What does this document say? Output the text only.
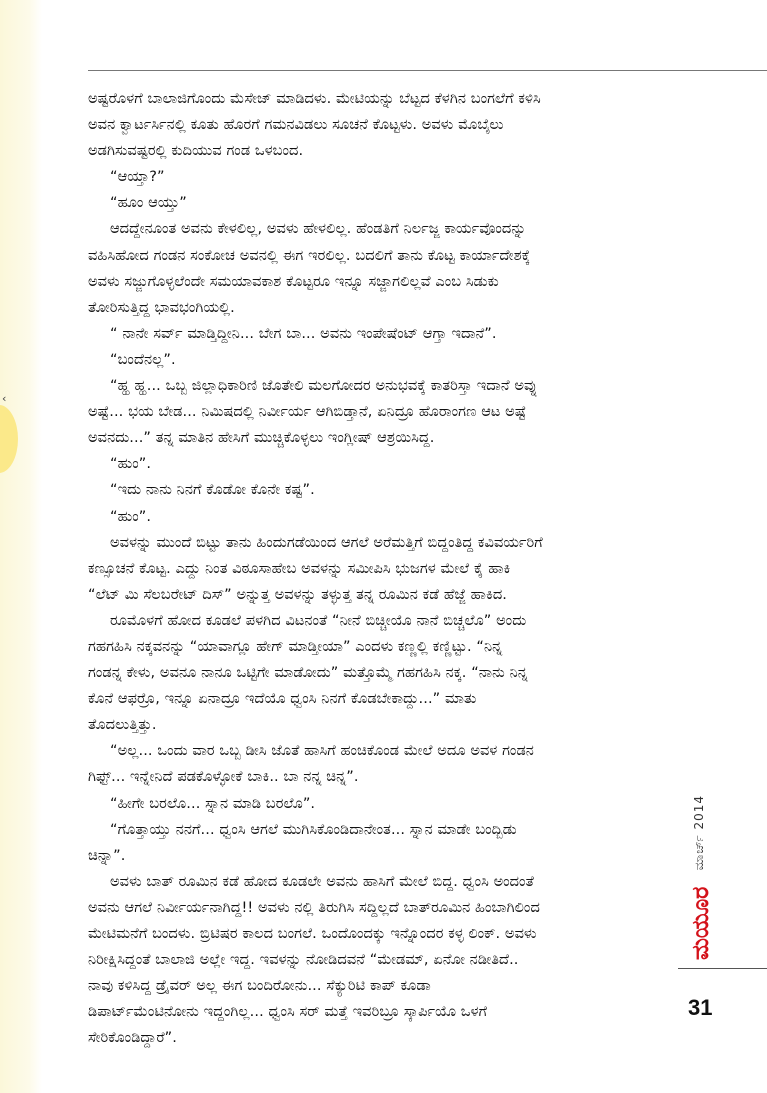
‹
ಅಷ್ಟರೊಳಗೆ ಬಾಲಾಜಿಗೊಂದು ಮೆಸೇಜ್ ಮಾಡಿದಳು. ಮೇಟಿಯನ್ನು ಬೆಟ್ಟದ ಕೆಳಗಿನ ಬಂಗಲೆಗೆ ಕಳಿಸಿ
ಅವನ ಕ್ವಾರ್ಟರ್ಸಿನಲ್ಲಿ ಕೂತು ಹೊರಗೆ ಗಮನವಿಡಲು ಸೂಚನೆ ಕೊಟ್ಟಳು. ಅವಳು ಮೊಬೈಲು
ಅಡಗಿಸುವಷ್ಟರಲ್ಲಿ ಕುದಿಯುವ ಗಂಡ ಒಳಬಂದ.
“ಆಯ್ತಾ?”
“ಹೂಂ ಆಯ್ತು”
ಆದದ್ದೇನೂಂತ ಅವನು ಕೇಳಲಿಲ್ಲ, ಅವಳು ಹೇಳಲಿಲ್ಲ. ಹೆಂಡತಿಗೆ ನಿರ್ಲಜ್ಜ ಕಾರ್ಯವೊಂದನ್ನು
ವಹಿಸಿಹೋದ ಗಂಡನ ಸಂಕೋಚ ಅವನಲ್ಲಿ ಈಗ ಇರಲಿಲ್ಲ. ಬದಲಿಗೆ ತಾನು ಕೊಟ್ಟ ಕಾರ್ಯಾದೇಶಕ್ಕೆ
ಅವಳು ಸಜ್ಜುಗೊಳ್ಳಲೆಂದೇ ಸಮಯಾವಕಾಶ ಕೊಟ್ಟರೂ ಇನ್ನೂ ಸಜ್ಜಾಗಲಿಲ್ಲವೆ ಎಂಬ ಸಿಡುಕು
ತೋರಿಸುತ್ತಿದ್ದ ಭಾವಭಂಗಿಯಲ್ಲಿ.
“ ನಾನೇ ಸರ್ವ್ ಮಾಡ್ತಿದ್ದೀನಿ... ಬೇಗ ಬಾ... ಅವನು ಇಂಪೇಷೆಂಟ್ ಆಗ್ತಾ ಇದಾನೆ”.
“ಬಂದೆನಲ್ಲ”.
“ಹ್ಹ ಹ್ಹ... ಒಬ್ಬ ಜಿಲ್ಲಾಧಿಕಾರಿಣಿ ಜೊತೇಲಿ ಮಲಗೋದರ ಅನುಭವಕ್ಕೆ ಕಾತರಿಸ್ತಾ ಇದಾನೆ ಅವ್ನು
ಅಷ್ಟೆ... ಭಯ ಬೇಡ... ನಿಮಿಷದಲ್ಲಿ ನಿರ್ವೀರ್ಯ ಆಗಿಬಿಡ್ತಾನೆ, ಏನಿದ್ರೂ ಹೊರಾಂಗಣ ಆಟ ಅಷ್ಟೆ
ಅವನದು...” ತನ್ನ ಮಾತಿನ ಹೇಸಿಗೆ ಮುಚ್ಚಿಕೊಳ್ಳಲು ಇಂಗ್ಲೀಷ್ ಆಶ್ರಯಿಸಿದ್ದ.
“ಹುಂ”.
“ಇದು ನಾನು ನಿನಗೆ ಕೊಡೋ ಕೊನೇ ಕಷ್ಟ”.
“ಹುಂ”.
ಅವಳನ್ನು ಮುಂದೆ ಬಿಟ್ಟು ತಾನು ಹಿಂದುಗಡೆಯಿಂದ ಆಗಲೆ ಅರೆಮತ್ತಿಗೆ ಬಿದ್ದಂತಿದ್ದ ಕವಿವರ್ಯರಿಗೆ
ಕಣ್ಸೂಚನೆ ಕೊಟ್ಟ. ಎದ್ದು ನಿಂತ ವಿಠೂಸಾಹೇಬ ಅವಳನ್ನು ಸಮೀಪಿಸಿ ಭುಜಗಳ ಮೇಲೆ ಕೈ ಹಾಕಿ
“ಲೆಟ್ ಮಿ ಸೆಲಬರೇಟ್ ದಿಸ್” ಅನ್ನುತ್ತ ಅವಳನ್ನು ತಳ್ಳುತ್ತ ತನ್ನ ರೂಮಿನ ಕಡೆ ಹೆಜ್ಜೆ ಹಾಕಿದ.
ರೂಮೊಳಗೆ ಹೋದ ಕೂಡಲೆ ಪಳಗಿದ ವಿಟನಂತೆ “ನೀನೆ ಬಿಚ್ಚೀಯೊ ನಾನೆ ಬಿಚ್ಚಲೊ” ಅಂದು
ಗಹಗಹಿಸಿ ನಕ್ಕವನನ್ನು “ಯಾವಾಗ್ಲೂ ಹೇಗ್ ಮಾಡ್ತೀಯಾ” ಎಂದಳು ಕಣ್ಣಲ್ಲಿ ಕಣ್ಣಿಟ್ಟು. “ನಿನ್ನ
ಗಂಡನ್ನ ಕೇಳು, ಅವನೂ ನಾನೂ ಒಟ್ಟಿಗೇ ಮಾಡೋದು” ಮತ್ತೊಮ್ಮೆ ಗಹಗಹಿಸಿ ನಕ್ಕ. “ನಾನು ನಿನ್ನ
ಕೊನೆ ಆಫರ್ರೊ, ಇನ್ನೂ ಏನಾದ್ರೂ ಇದೆಯೊ ಧ್ವಂಸಿ ನಿನಗೆ ಕೊಡಬೇಕಾದ್ದು...” ಮಾತು
ತೊದಲುತ್ತಿತ್ತು.
“ಅಲ್ಲ... ಒಂದು ವಾರ ಒಬ್ಬ ಡೀಸಿ ಜೊತೆ ಹಾಸಿಗೆ ಹಂಚಿಕೊಂಡ ಮೇಲೆ ಅದೂ ಅವಳ ಗಂಡನ
ಗಿಫ್ಟ್... ಇನ್ನೇನಿದೆ ಪಡಕೊಳ್ಳೋಕೆ ಬಾಕಿ.. ಬಾ ನನ್ನ ಚಿನ್ನ”.
“ಹೀಗೇ ಬರಲೊ... ಸ್ನಾನ ಮಾಡಿ ಬರಲೊ”.
“ಗೊತ್ತಾಯ್ತು ನನಗೆ... ಧ್ವಂಸಿ ಆಗಲೆ ಮುಗಿಸಿಕೊಂಡಿದಾನೇಂತ... ಸ್ನಾನ ಮಾಡೇ ಬಂದ್ಬಿಡು
ಚಿನ್ನಾ”.
ಅವಳು ಬಾತ್ ರೂಮಿನ ಕಡೆ ಹೋದ ಕೂಡಲೇ ಅವನು ಹಾಸಿಗೆ ಮೇಲೆ ಬಿದ್ದ. ಧ್ವಂಸಿ ಅಂದಂತೆ
ಅವನು ಆಗಲೆ ನಿರ್ವೀರ್ಯನಾಗಿದ್ದ!! ಅವಳು ನಲ್ಲಿ ತಿರುಗಿಸಿ ಸದ್ದಿಲ್ಲದೆ ಬಾತ್‌ರೂಮಿನ ಹಿಂಬಾಗಿಲಿಂದ
ಮೇಟಿಮನೆಗೆ ಬಂದಳು. ಬ್ರಿಟಿಷರ ಕಾಲದ ಬಂಗಲೆ. ಒಂದೊಂದಕ್ಕು ಇನ್ನೊಂದರ ಕಳ್ಳ ಲಿಂಕ್. ಅವಳು
ನಿರೀಕ್ಷಿಸಿದ್ದಂತೆ ಬಾಲಾಜಿ ಅಲ್ಲೇ ಇದ್ದ. ಇವಳನ್ನು ನೋಡಿದವನೆ “ಮೇಡಮ್, ಏನೋ ನಡೀತಿದೆ..
ನಾವು ಕಳಿಸಿದ್ದ ಡ್ರೈವರ್ ಅಲ್ಲ ಈಗ ಬಂದಿರೋನು... ಸೆಕ್ಯುರಿಟಿ ಕಾಪ್ ಕೂಡಾ
ಡಿಪಾರ್ಟ್‌ಮೆಂಟಿನೋನು ಇದ್ದಂಗಿಲ್ಲ... ಧ್ವಂಸಿ ಸರ್ ಮತ್ತೆ ಇವರಿಬ್ರೂ ಸ್ಕಾರ್ಪಿಯೊ ಒಳಗೆ
ಸೇರಿಕೊಂಡಿದ್ದಾರೆ”.
ಮಾರ್ಚ್ 2014
ಮಯೂರ
31
